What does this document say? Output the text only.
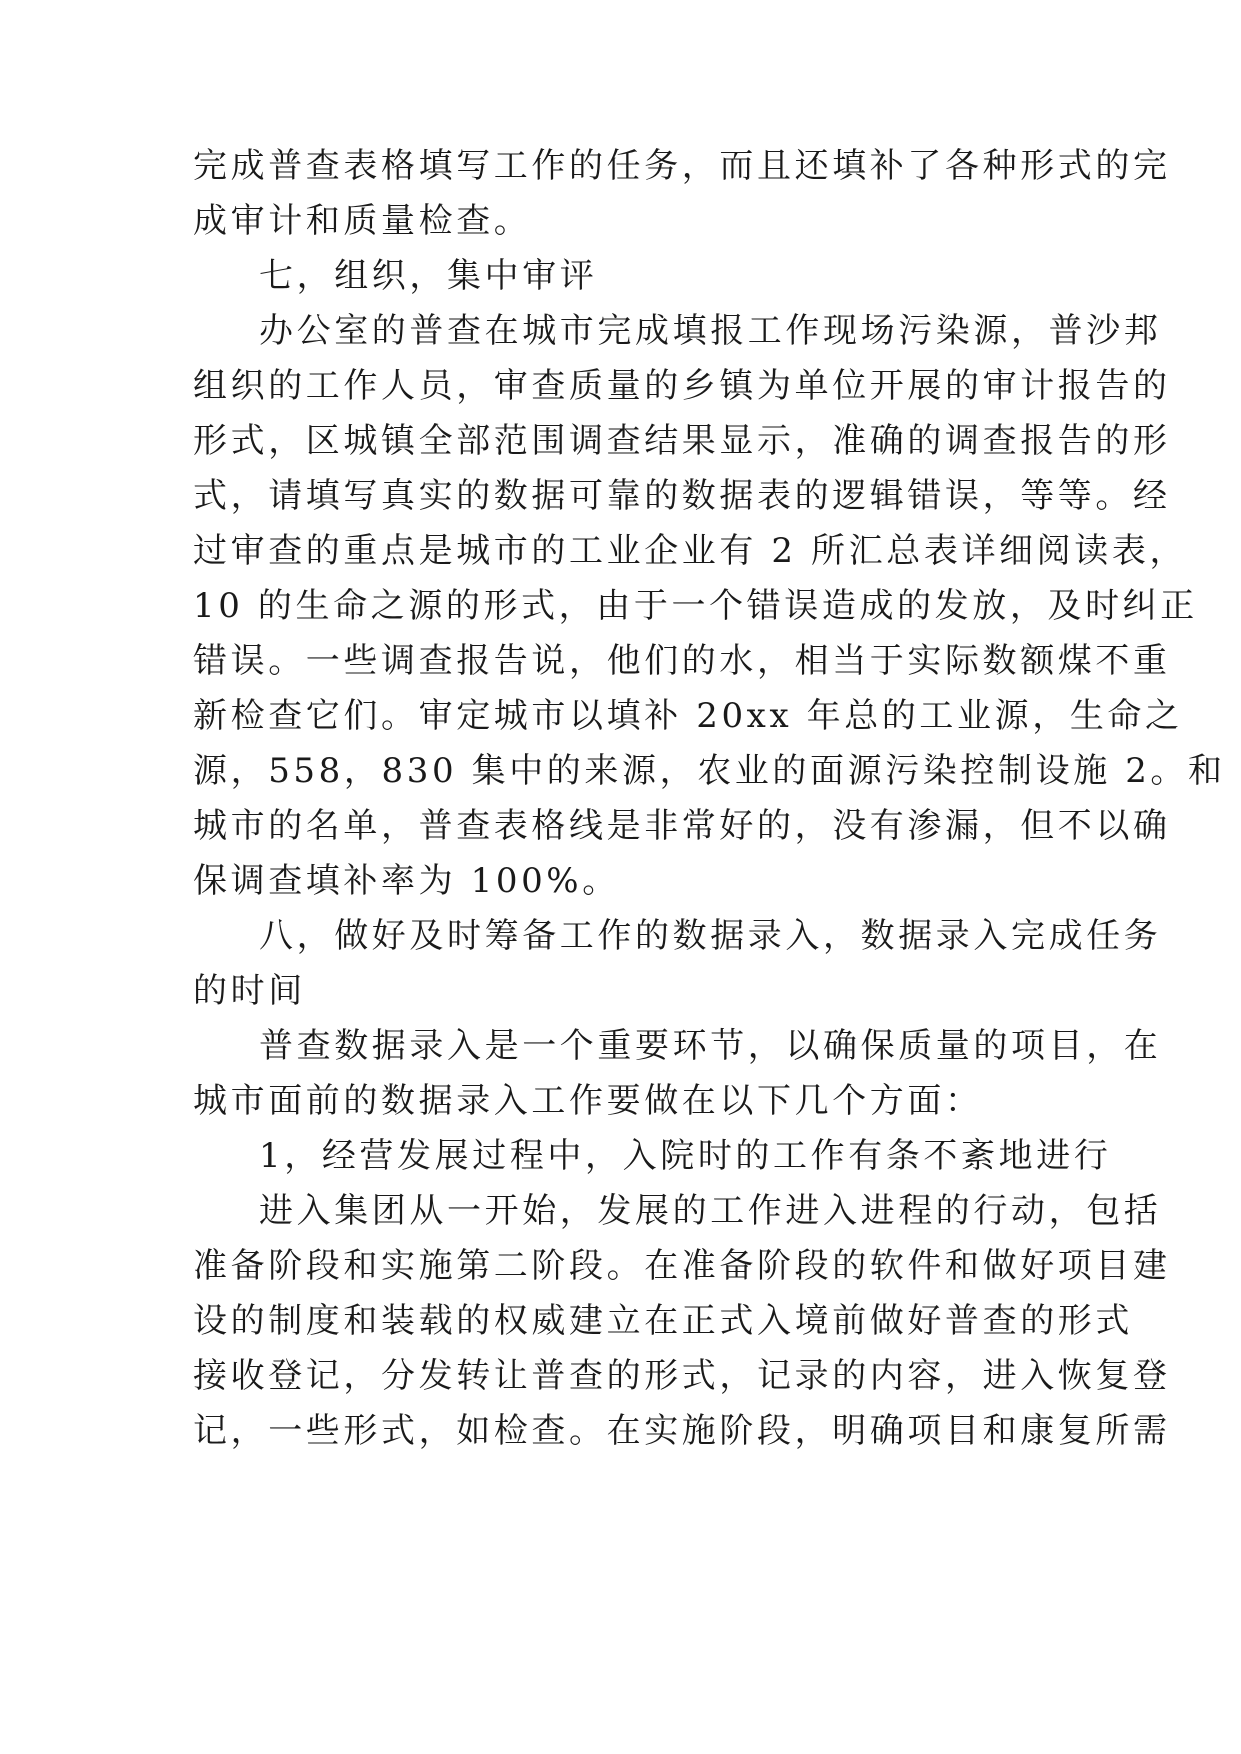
完成普查表格填写工作的任务，而且还填补了各种形式的完
成审计和质量检查。
七，组织，集中审评
办公室的普查在城市完成填报工作现场污染源，普沙邦
组织的工作人员，审查质量的乡镇为单位开展的审计报告的
形式，区城镇全部范围调查结果显示，准确的调查报告的形
式，请填写真实的数据可靠的数据表的逻辑错误，等等。经
过审查的重点是城市的工业企业有 2 所汇总表详细阅读表，
10 的生命之源的形式，由于一个错误造成的发放，及时纠正
错误。一些调查报告说，他们的水，相当于实际数额煤不重
新检查它们。审定城市以填补 20xx 年总的工业源，生命之
源，558，830 集中的来源，农业的面源污染控制设施 2。和
城市的名单，普查表格线是非常好的，没有渗漏，但不以确
保调查填补率为 100%。
八，做好及时筹备工作的数据录入，数据录入完成任务
的时间
普查数据录入是一个重要环节，以确保质量的项目，在
城市面前的数据录入工作要做在以下几个方面：
1，经营发展过程中，入院时的工作有条不紊地进行
进入集团从一开始，发展的工作进入进程的行动，包括
准备阶段和实施第二阶段。在准备阶段的软件和做好项目建
设的制度和装载的权威建立在正式入境前做好普查的形式
接收登记，分发转让普查的形式，记录的内容，进入恢复登
记，一些形式，如检查。在实施阶段，明确项目和康复所需
